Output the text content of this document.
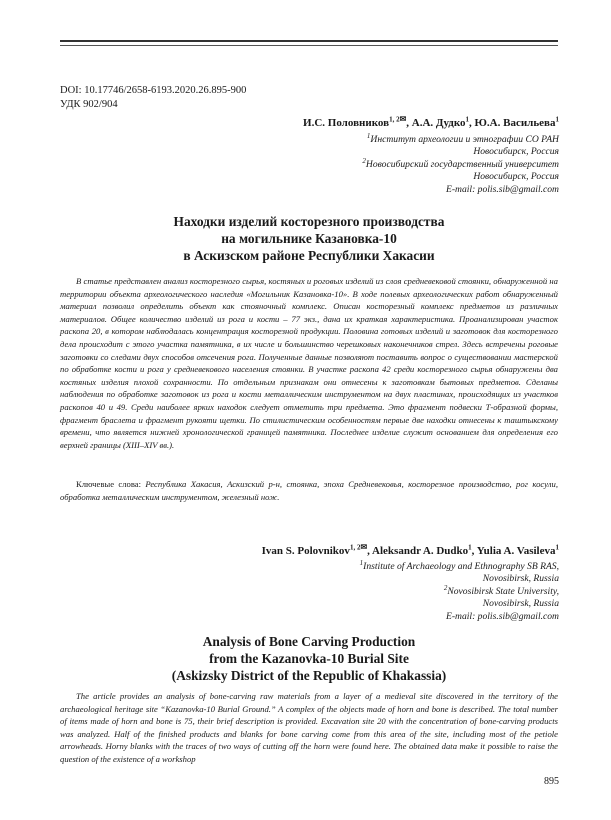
DOI: 10.17746/2658-6193.2020.26.895-900
УДК 902/904
И.С. Половников$^{1, 2✉}$, А.А. Дудко$^1$, Ю.А. Васильева$^1$
$^1$Институт археологии и этнографии СО РАН
Новосибирск, Россия
$^2$Новосибирский государственный университет
Новосибирск, Россия
E-mail: polis.sib@gmail.com
Находки изделий косторезного производства
на могильнике Казановка-10
в Аскизском районе Республики Хакасии

В статье представлен анализ косторезного сырья, костяных и роговых изделий из слоя средневековой стоянки, обнаруженной на территории объекта археологического наследия «Могильник Казановка-10». В ходе полевых археологических работ обнаруженный материал позволил определить объект как стояночный комплекс. Описан косторезный комплекс предметов из различных материалов. Общее количество изделий из рога и кости – 77 экз., дана их краткая характеристика. Проанализирован участок раскопа 20, в котором наблюдалась концентрация косторезной продукции. Половина готовых изделий и заготовок для косторезного дела происходит с этого участка памятника, в их числе и большинство черешковых наконечников стрел. Здесь встречены роговые заготовки со следами двух способов отсечения рога. Полученные данные позволяют поставить вопрос о существовании мастерской по обработке кости и рога у средневекового населения стоянки. В участке раскопа 42 среди косторезного сырья обнаружены два костяных изделия плохой сохранности. По отдельным признакам они отнесены к заготовкам бытовых предметов. Сделаны наблюдения по обработке заготовок из рога и кости металлическим инструментом на двух пластинах, происходящих из участков раскопов 40 и 49. Среди наиболее ярких находок следует отметить три предмета. Это фрагмент подвески Т-образной формы, фрагмент браслета и фрагмент рукояти щетки. По стилистическим особенностям первые две находки отнесены к таштыкскому времени, что является нижней хронологической границей памятника. Последнее изделие служит основанием для определения его верхней границы (XIII–XIV вв.).

Ключевые слова: Республика Хакасия, Аскизский р-н, стоянка, эпоха Средневековья, косторезное производство, рог косули, обработка металлическим инструментом, железный нож.

Ivan S. Polovnikov$^{1, 2✉}$, Aleksandr A. Dudko$^1$, Yulia A. Vasileva$^1$
$^1$Institute of Archaeology and Ethnography SB RAS,
Novosibirsk, Russia
$^2$Novosibirsk State University,
Novosibirsk, Russia
E-mail: polis.sib@gmail.com
Analysis of Bone Carving Production
from the Kazanovka-10 Burial Site
(Askizsky District of the Republic of Khakassia)

The article provides an analysis of bone-carving raw materials from a layer of a medieval site discovered in the territory of the archaeological heritage site “Kazanovka-10 Burial Ground.” A complex of the objects made of horn and bone is described. The total number of items made of horn and bone is 75, their brief description is provided. Excavation site 20 with the concentration of bone-carving products was analyzed. Half of the finished products and blanks for bone carving come from this area of the site, including most of the petiole arrowheads. Horny blanks with the traces of two ways of cutting off the horn were found here. The obtained data make it possible to raise the question of the existence of a workshop

895
